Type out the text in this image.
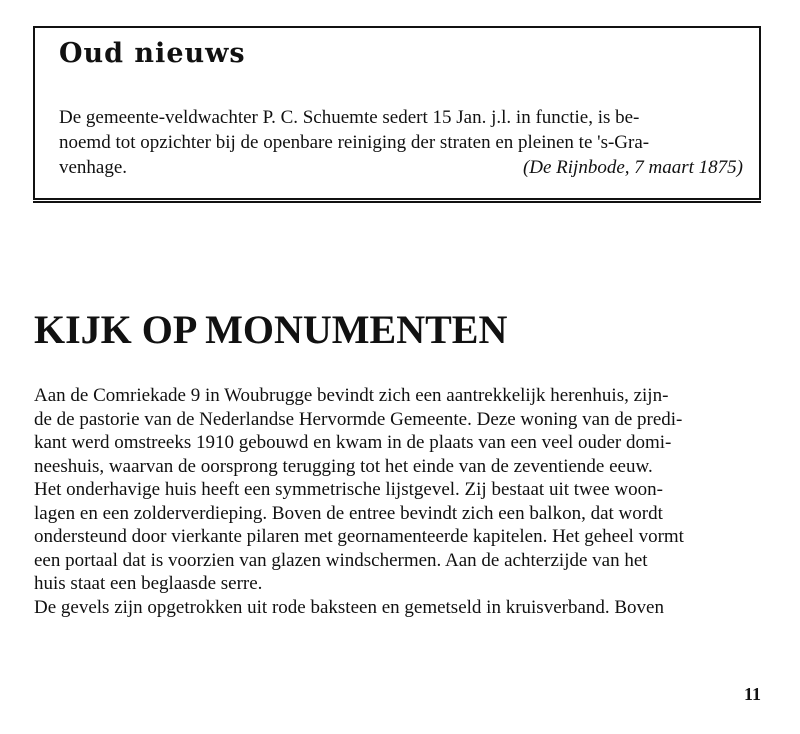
Oud nieuws

De gemeente-veldwachter P. C. Schuemte sedert 15 Jan. j.l. in functie, is be-
noemd tot opzichter bij de openbare reiniging der straten en pleinen te 's-Gra-
venhage.	(De Rijnbode, 7 maart 1875)

KIJK OP MONUMENTEN

Aan de Comriekade 9 in Woubrugge bevindt zich een aantrekkelijk herenhuis, zijn-
de de pastorie van de Nederlandse Hervormde Gemeente. Deze woning van de predi-
kant werd omstreeks 1910 gebouwd en kwam in de plaats van een veel ouder domi-
neeshuis, waarvan de oorsprong terugging tot het einde van de zeventiende eeuw.
Het onderhavige huis heeft een symmetrische lijstgevel. Zij bestaat uit twee woon-
lagen en een zolderverdieping. Boven de entree bevindt zich een balkon, dat wordt
ondersteund door vierkante pilaren met geornamenteerde kapitelen. Het geheel vormt
een portaal dat is voorzien van glazen windschermen. Aan de achterzijde van het
huis staat een beglaasde serre.
De gevels zijn opgetrokken uit rode baksteen en gemetseld in kruisverband. Boven

11
